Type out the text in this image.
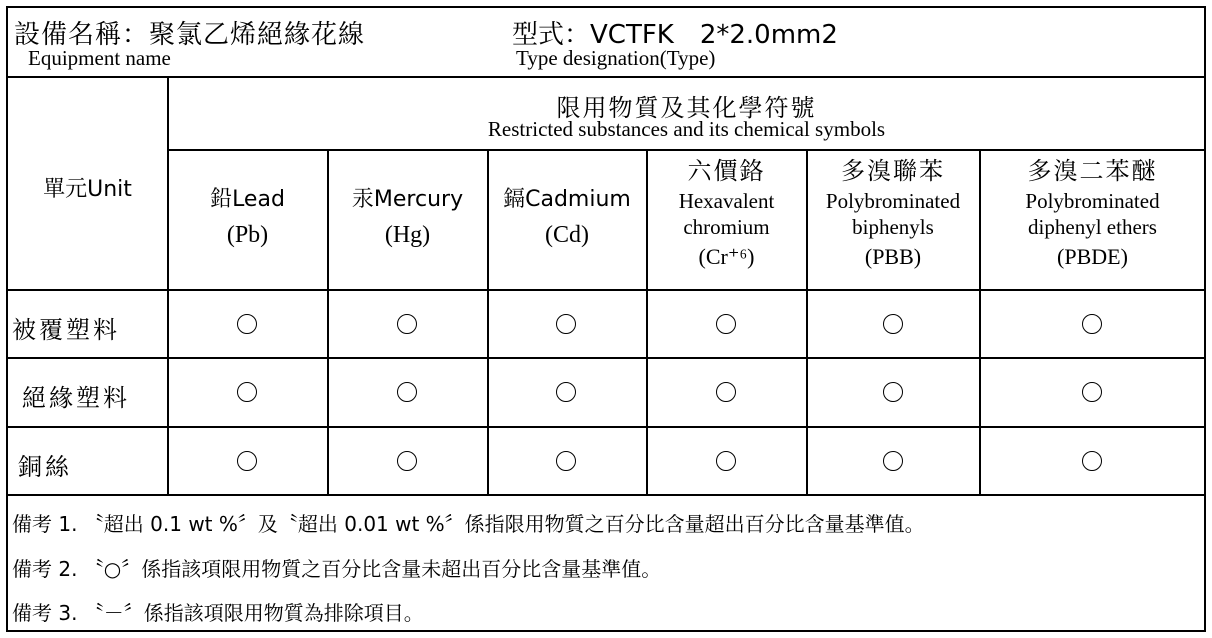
設備名稱：聚氯乙烯絕緣花線
Equipment name
型式：VCTFK　2*2.0mm2
Type designation(Type)
單元Unit
限用物質及其化學符號
Restricted substances and its chemical symbols
鉛Lead
(Pb)
汞Mercury
(Hg)
鎘Cadmium
(Cd)
六價鉻
Hexavalent chromium
(Cr⁺⁶)
多溴聯苯
Polybrominated biphenyls
(PBB)
多溴二苯醚
Polybrominated diphenyl ethers
(PBDE)
被覆塑料
絕緣塑料
銅絲
備考 1. 〝超出 0.1 wt %〞及〝超出 0.01 wt %〞係指限用物質之百分比含量超出百分比含量基準值。
備考 2. 〝○〞係指該項限用物質之百分比含量未超出百分比含量基準值。
備考 3. 〝－〞係指該項限用物質為排除項目。
